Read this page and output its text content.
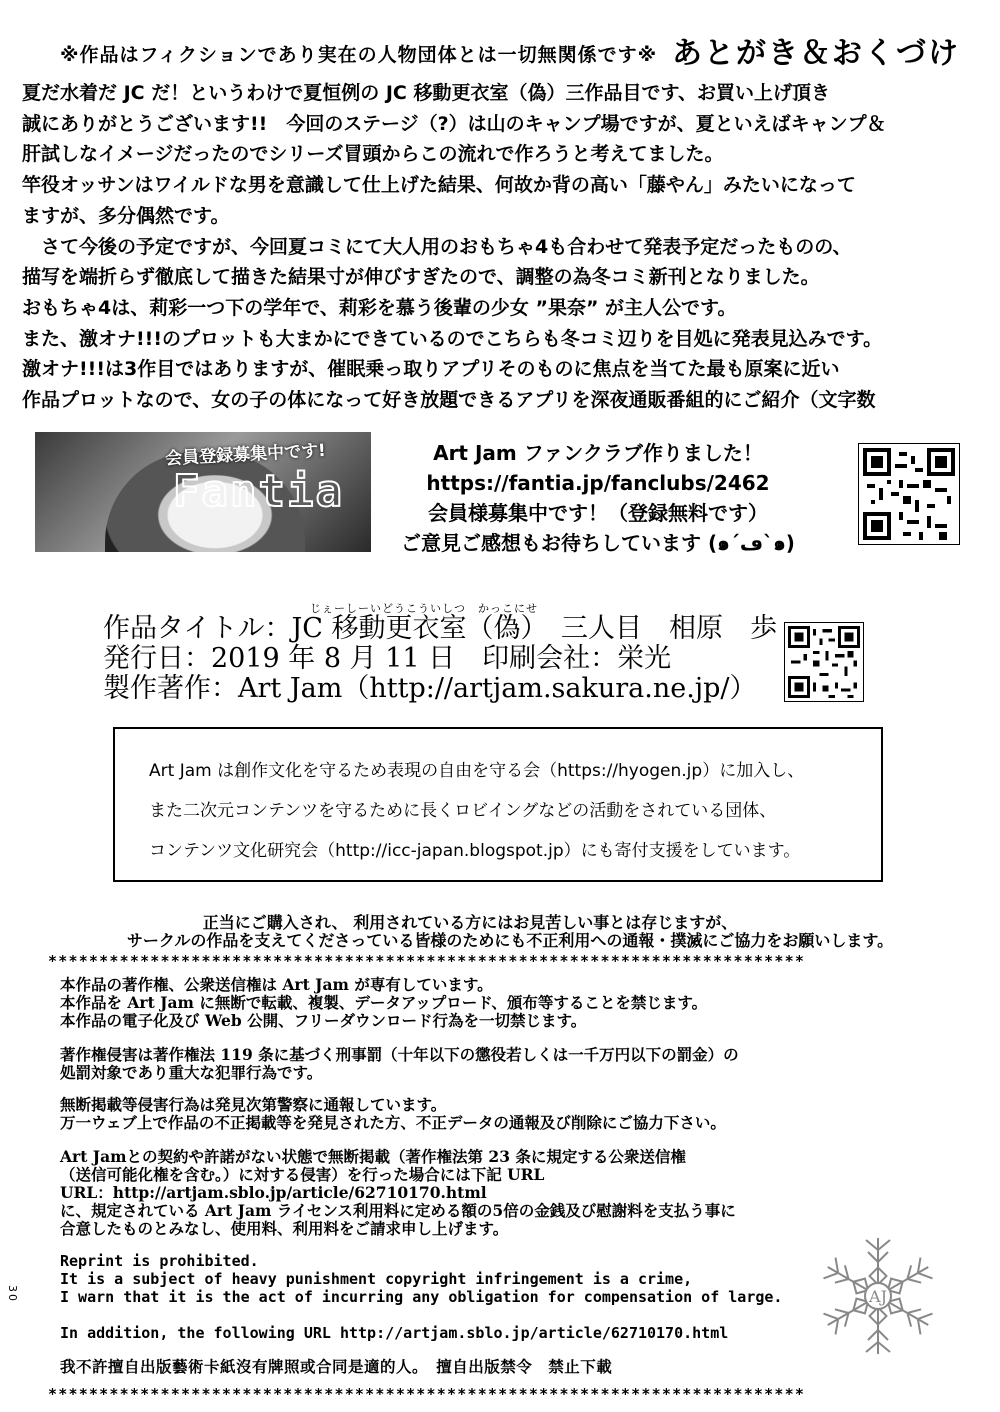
※作品はフィクションであり実在の人物団体とは一切無関係です※ あとがき＆おくづけ
夏だ水着だ JC だ！というわけで夏恒例の JC 移動更衣室（偽）三作品目です、お買い上げ頂き
誠にありがとうございます!!　今回のステージ（?）は山のキャンプ場ですが、夏といえばキャンプ＆
肝試しなイメージだったのでシリーズ冒頭からこの流れで作ろうと考えてました。
竿役オッサンはワイルドな男を意識して仕上げた結果、何故か背の高い「藤やん」みたいになって
ますが、多分偶然です。
　さて今後の予定ですが、今回夏コミにて大人用のおもちゃ4も合わせて発表予定だったものの、
描写を端折らず徹底して描きた結果寸が伸びすぎたので、調整の為冬コミ新刊となりました。
おもちゃ4は、莉彩一つ下の学年で、莉彩を慕う後輩の少女 ”果奈” が主人公です。
また、激オナ!!!のプロットも大まかにできているのでこちらも冬コミ辺りを目処に発表見込みです。
激オナ!!!は3作目ではありますが、催眠乗っ取りアプリそのものに焦点を当てた最も原案に近い
作品プロットなので、女の子の体になって好き放題できるアプリを深夜通販番組的にご紹介（文字数
会員登録募集中です!
Fantia
Art Jam ファンクラブ作りました！
https://fantia.jp/fanclubs/2462
会員様募集中です！（登録無料です）
ご意見ご感想もお待ちしています (๑´ڡ`๑)
じぇーしーいどうこういしつ　かっこにせ
作品タイトル：JC 移動更衣室（偽）　三人目　相原　歩
発行日：2019 年 8 月 11 日　印刷会社：栄光
製作著作：Art Jam（http://artjam.sakura.ne.jp/）
Art Jam は創作文化を守るため表現の自由を守る会（https://hyogen.jp）に加入し、
また二次元コンテンツを守るために長くロビイングなどの活動をされている団体、
コンテンツ文化研究会（http://icc-japan.blogspot.jp）にも寄付支援をしています。
正当にご購入され、 利用されている方にはお見苦しい事とは存じますが、
サークルの作品を支えてくださっている皆様のためにも不正利用への通報・撲滅にご協力をお願いします。
**************************************************************************
本作品の著作権、公衆送信権は Art Jam が専有しています。
本作品を Art Jam に無断で転載、複製、データアップロード、頒布等することを禁じます。
本作品の電子化及び Web 公開、フリーダウンロード行為を一切禁じます。
著作権侵害は著作権法 119 条に基づく刑事罰（十年以下の懲役若しくは一千万円以下の罰金）の
処罰対象であり重大な犯罪行為です。
無断掲載等侵害行為は発見次第警察に通報しています。
万一ウェブ上で作品の不正掲載等を発見された方、不正データの通報及び削除にご協力下さい。
Art Jamとの契約や許諾がない状態で無断掲載（著作権法第 23 条に規定する公衆送信権
（送信可能化権を含む。）に対する侵害）を行った場合には下記 URL
URL：http://artjam.sblo.jp/article/62710170.html
に、規定されている Art Jam ライセンス利用料に定める額の5倍の金銭及び慰謝料を支払う事に
合意したものとみなし、使用料、利用料をご請求申し上げます。
Reprint is prohibited.
It is a subject of heavy punishment copyright infringement is a crime,
I warn that it is the act of incurring any obligation for compensation of large.
In addition, the following URL http://artjam.sblo.jp/article/62710170.html
我不許擅自出版藝術卡紙沒有牌照或合同是適的人。　擅自出版禁令　禁止下載
**************************************************************************
30	AJ
